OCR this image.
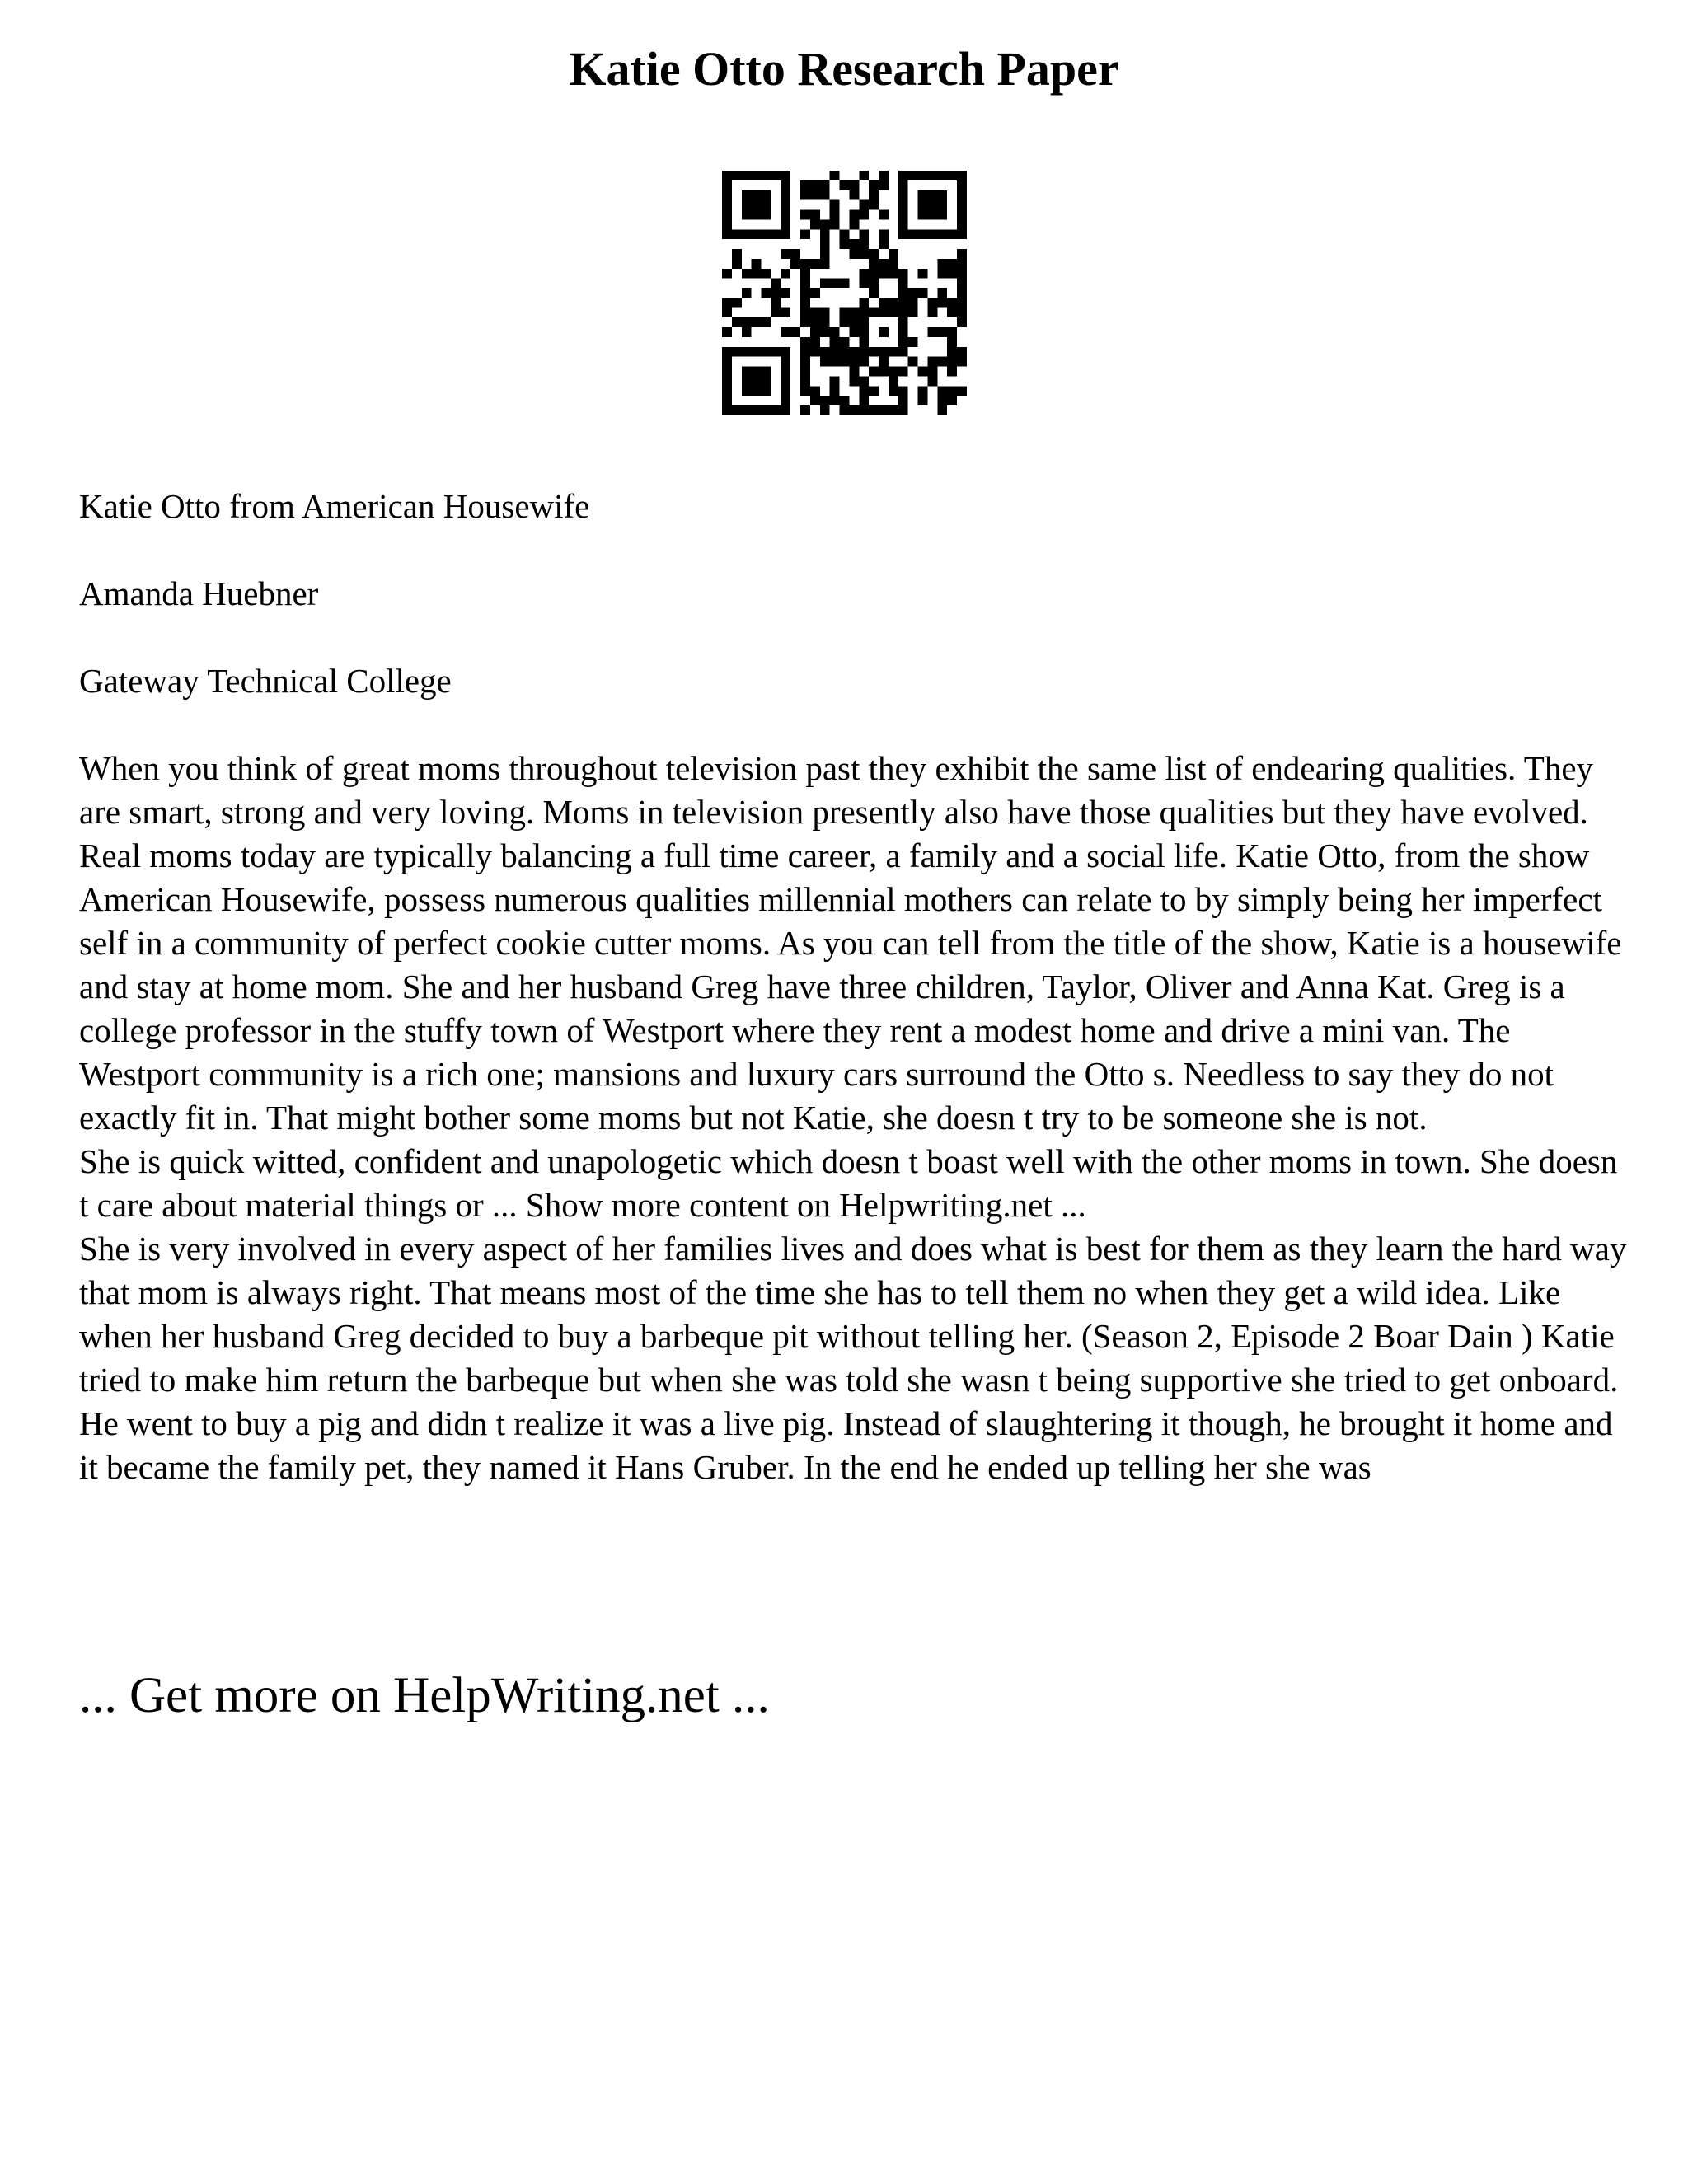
Katie Otto Research Paper

Katie Otto from American Housewife

Amanda Huebner

Gateway Technical College

When you think of great moms throughout television past they exhibit the same list of endearing qualities. They are smart, strong and very loving. Moms in television presently also have those qualities but they have evolved. Real moms today are typically balancing a full time career, a family and a social life. Katie Otto, from the show American Housewife, possess numerous qualities millennial mothers can relate to by simply being her imperfect self in a community of perfect cookie cutter moms. As you can tell from the title of the show, Katie is a housewife and stay at home mom. She and her husband Greg have three children, Taylor, Oliver and Anna Kat. Greg is a college professor in the stuffy town of Westport where they rent a modest home and drive a mini van. The Westport community is a rich one; mansions and luxury cars surround the Otto s. Needless to say they do not exactly fit in. That might bother some moms but not Katie, she doesn t try to be someone she is not.

She is quick witted, confident and unapologetic which doesn t boast well with the other moms in town. She doesn t care about material things or ... Show more content on Helpwriting.net ...

She is very involved in every aspect of her families lives and does what is best for them as they learn the hard way that mom is always right. That means most of the time she has to tell them no when they get a wild idea. Like when her husband Greg decided to buy a barbeque pit without telling her. (Season 2, Episode 2 Boar Dain ) Katie tried to make him return the barbeque but when she was told she wasn t being supportive she tried to get onboard. He went to buy a pig and didn t realize it was a live pig. Instead of slaughtering it though, he brought it home and it became the family pet, they named it Hans Gruber. In the end he ended up telling her she was

... Get more on HelpWriting.net ...
